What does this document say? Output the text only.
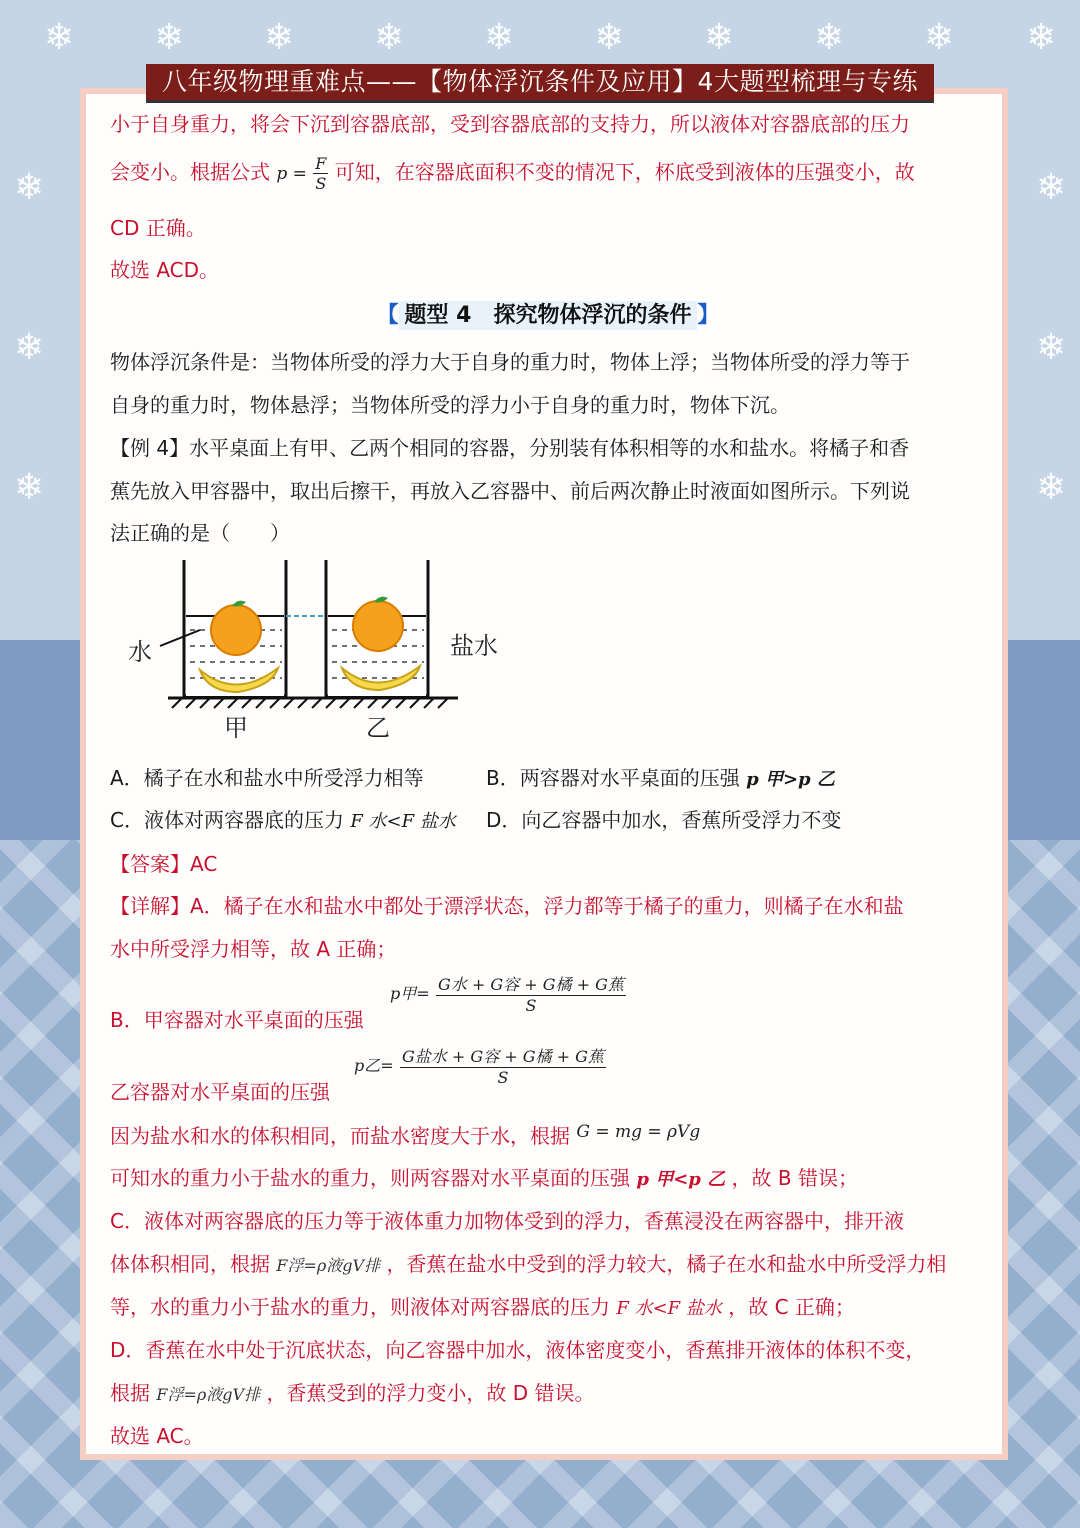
❄ ❄ ❄ ❄ ❄ ❄ ❄ ❄ ❄ ❄
❄
❄
❄
❄
❄
❄
小于自身重力，将会下沉到容器底部，受到容器底部的支持力，所以液体对容器底部的压力
会变小。根据公式 $p = \frac{F}{S}$ 可知，在容器底面积不变的情况下，杯底受到液体的压强变小，故
CD 正确。
故选 ACD。
【 题型 4　探究物体浮沉的条件 】
物体浮沉条件是：当物体所受的浮力大于自身的重力时，物体上浮；当物体所受的浮力等于
自身的重力时，物体悬浮；当物体所受的浮力小于自身的重力时，物体下沉。
【例 4】水平桌面上有甲、乙两个相同的容器，分别装有体积相等的水和盐水。将橘子和香
蕉先放入甲容器中，取出后擦干，再放入乙容器中、前后两次静止时液面如图所示。下列说
法正确的是（　　）
水	盐水
甲	乙
A．橘子在水和盐水中所受浮力相等	B．两容器对水平桌面的压强 p 甲>p 乙
C．液体对两容器底的压力 F 水<F 盐水 D．向乙容器中加水，香蕉所受浮力不变
【答案】AC
【详解】A．橘子在水和盐水中都处于漂浮状态，浮力都等于橘子的重力，则橘子在水和盐
水中所受浮力相等，故 A 正确；
B．甲容器对水平桌面的压强
p甲= $\frac{\text{G水 + G容 + G橘 + G蕉}}{S}$
乙容器对水平桌面的压强
p乙= $\frac{\text{G盐水 + G容 + G橘 + G蕉}}{S}$
因为盐水和水的体积相同，而盐水密度大于水，根据 $^{G = mg = \rho Vg}$
可知水的重力小于盐水的重力，则两容器对水平桌面的压强 p 甲<p 乙 ，故 B 错误；
C．液体对两容器底的压力等于液体重力加物体受到的浮力，香蕉浸没在两容器中，排开液
体体积相同，根据 F浮=ρ液gV排 ，香蕉在盐水中受到的浮力较大，橘子在水和盐水中所受浮力相
等，水的重力小于盐水的重力，则液体对两容器底的压力 F 水<F 盐水 ，故 C 正确；
D．香蕉在水中处于沉底状态，向乙容器中加水，液体密度变小，香蕉排开液体的体积不变，
根据 F浮=ρ液gV排 ，香蕉受到的浮力变小，故 D 错误。
故选 AC。
八年级物理重难点——【物体浮沉条件及应用】4大题型梳理与专练
